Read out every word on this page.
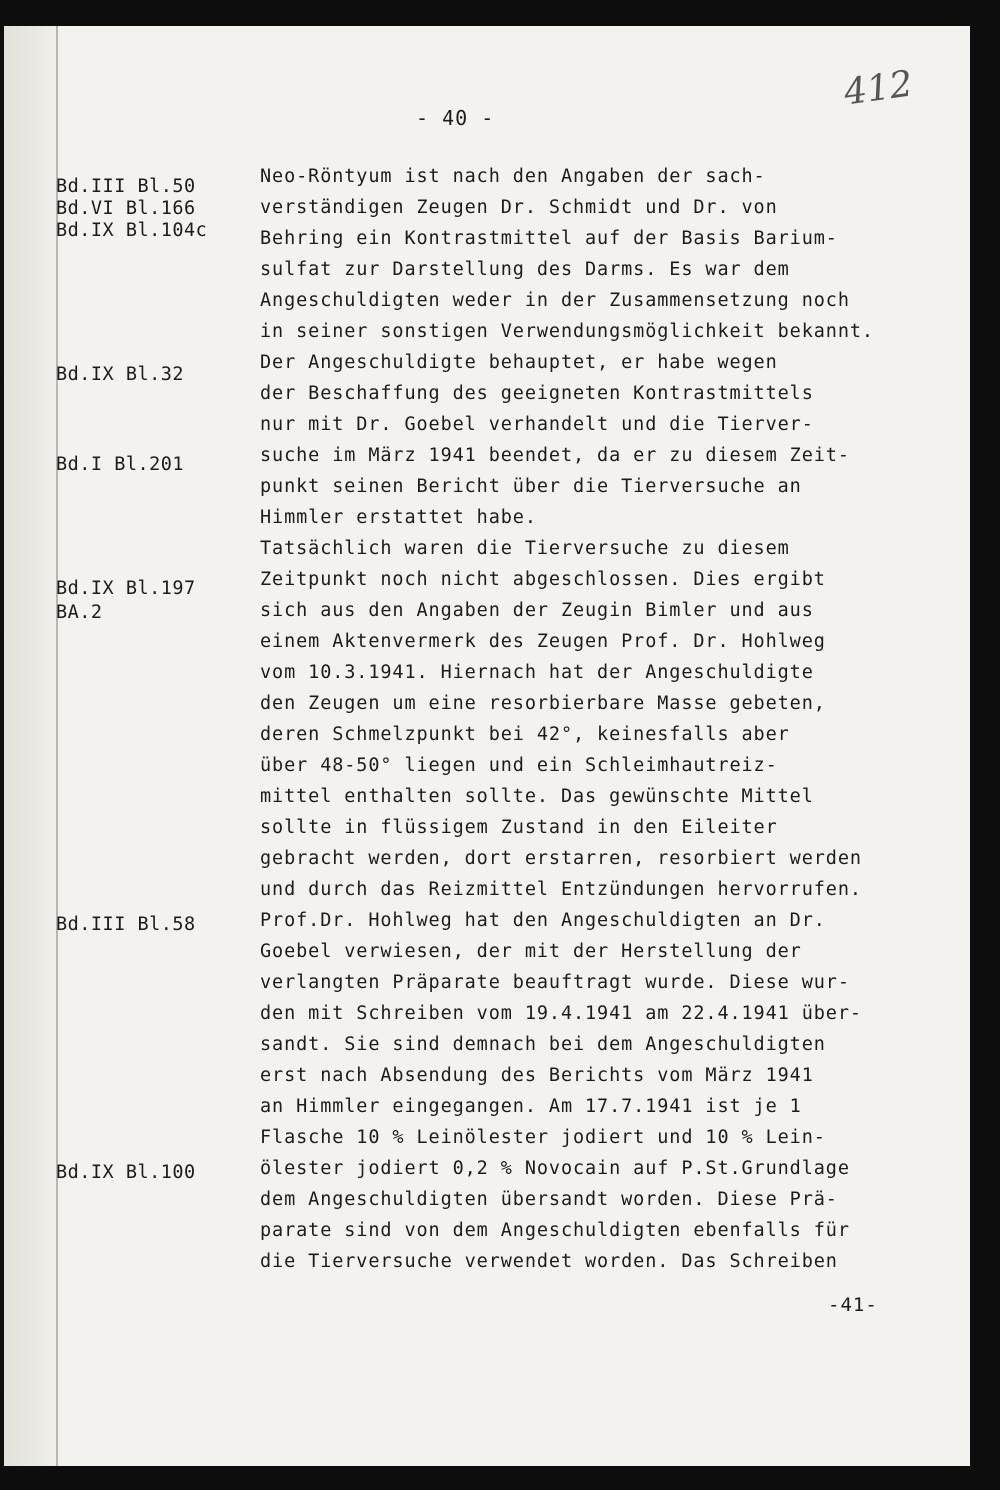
- 40 -
412
Bd.III Bl.50
Bd.VI Bl.166
Bd.IX Bl.104c
Bd.IX Bl.32
Bd.I Bl.201
Bd.IX Bl.197
BA.2
Bd.III Bl.58
Bd.IX Bl.100
Neo-Röntyum ist nach den Angaben der sach-
verständigen Zeugen Dr. Schmidt und Dr. von
Behring ein Kontrastmittel auf der Basis Barium-
sulfat zur Darstellung des Darms. Es war dem
Angeschuldigten weder in der Zusammensetzung noch
in seiner sonstigen Verwendungsmöglichkeit bekannt.
Der Angeschuldigte behauptet, er habe wegen
der Beschaffung des geeigneten Kontrastmittels
nur mit Dr. Goebel verhandelt und die Tierver-
suche im März 1941 beendet, da er zu diesem Zeit-
punkt seinen Bericht über die Tierversuche an
Himmler erstattet habe.
Tatsächlich waren die Tierversuche zu diesem
Zeitpunkt noch nicht abgeschlossen. Dies ergibt
sich aus den Angaben der Zeugin Bimler und aus
einem Aktenvermerk des Zeugen Prof. Dr. Hohlweg
vom 10.3.1941. Hiernach hat der Angeschuldigte
den Zeugen um eine resorbierbare Masse gebeten,
deren Schmelzpunkt bei 42°, keinesfalls aber
über 48-50° liegen und ein Schleimhautreiz-
mittel enthalten sollte. Das gewünschte Mittel
sollte in flüssigem Zustand in den Eileiter
gebracht werden, dort erstarren, resorbiert werden
und durch das Reizmittel Entzündungen hervorrufen.
Prof.Dr. Hohlweg hat den Angeschuldigten an Dr.
Goebel verwiesen, der mit der Herstellung der
verlangten Präparate beauftragt wurde. Diese wur-
den mit Schreiben vom 19.4.1941 am 22.4.1941 über-
sandt. Sie sind demnach bei dem Angeschuldigten
erst nach Absendung des Berichts vom März 1941
an Himmler eingegangen. Am 17.7.1941 ist je 1
Flasche 10 % Leinölester jodiert und 10 % Lein-
ölester jodiert 0,2 % Novocain auf P.St.Grundlage
dem Angeschuldigten übersandt worden. Diese Prä-
parate sind von dem Angeschuldigten ebenfalls für
die Tierversuche verwendet worden. Das Schreiben
-41-
